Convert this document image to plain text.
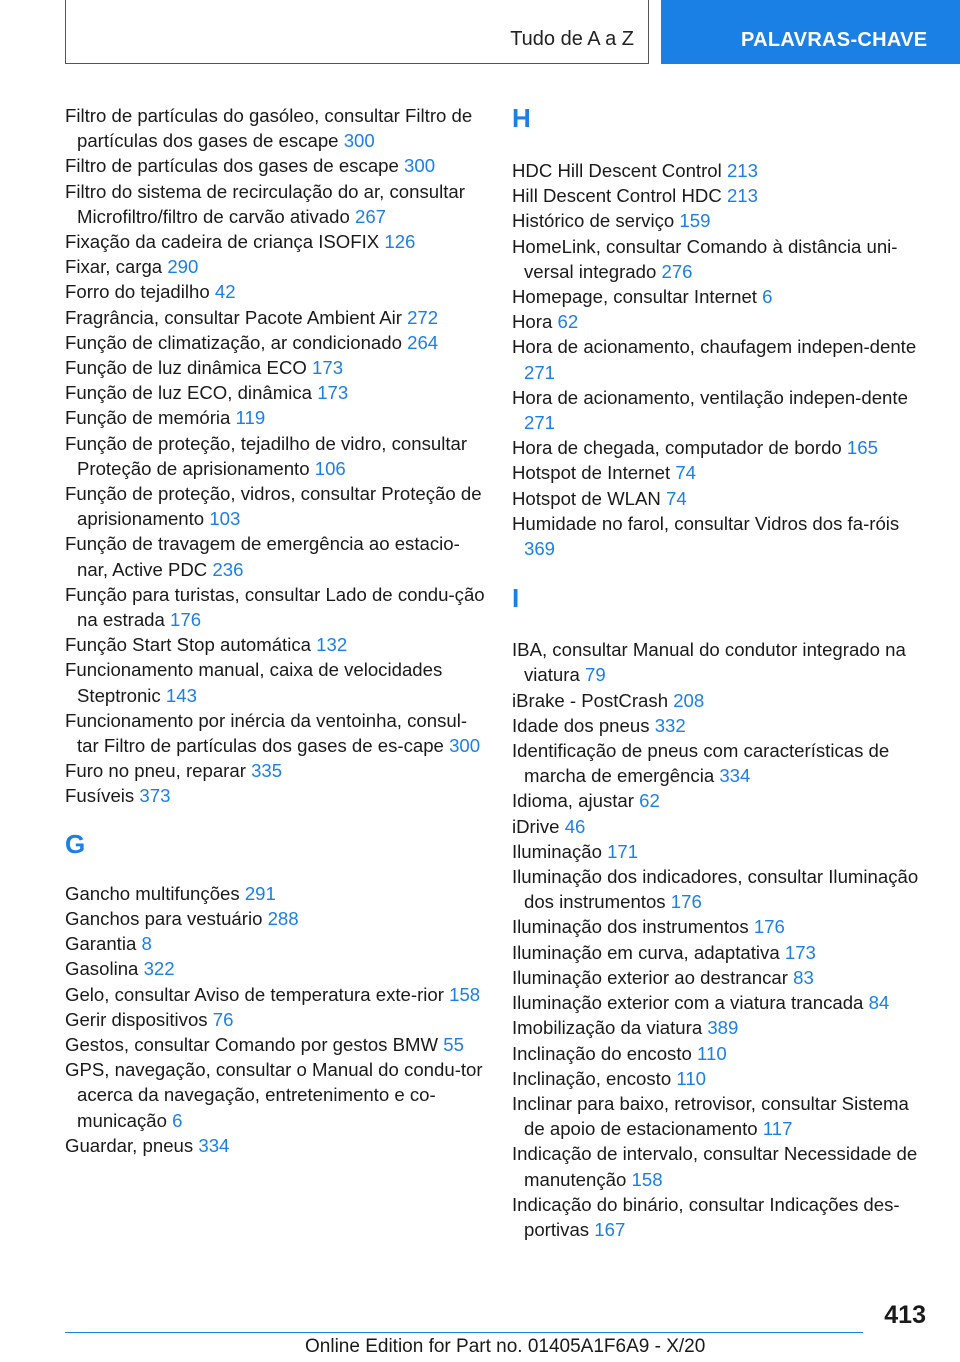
Tudo de A a Z	PALAVRAS-CHAVE
Filtro de partículas do gasóleo, consultar Filtro de partículas dos gases de escape 300
Filtro de partículas dos gases de escape 300
Filtro do sistema de recirculação do ar, consultar Microfiltro/filtro de carvão ativado 267
Fixação da cadeira de criança ISOFIX 126
Fixar, carga 290
Forro do tejadilho 42
Fragrância, consultar Pacote Ambient Air 272
Função de climatização, ar condicionado 264
Função de luz dinâmica ECO 173
Função de luz ECO, dinâmica 173
Função de memória 119
Função de proteção, tejadilho de vidro, consultar Proteção de aprisionamento 106
Função de proteção, vidros, consultar Proteção de aprisionamento 103
Função de travagem de emergência ao estacio-nar, Active PDC 236
Função para turistas, consultar Lado de condu-ção na estrada 176
Função Start Stop automática 132
Funcionamento manual, caixa de velocidades Steptronic 143
Funcionamento por inércia da ventoinha, consul-tar Filtro de partículas dos gases de es-cape 300
Furo no pneu, reparar 335
Fusíveis 373
G
Gancho multifunções 291
Ganchos para vestuário 288
Garantia 8
Gasolina 322
Gelo, consultar Aviso de temperatura exte-rior 158
Gerir dispositivos 76
Gestos, consultar Comando por gestos BMW 55
GPS, navegação, consultar o Manual do condu-tor acerca da navegação, entretenimento e co-municação 6
Guardar, pneus 334
H
HDC Hill Descent Control 213
Hill Descent Control HDC 213
Histórico de serviço 159
HomeLink, consultar Comando à distância uni-versal integrado 276
Homepage, consultar Internet 6
Hora 62
Hora de acionamento, chaufagem indepen-dente 271
Hora de acionamento, ventilação indepen-dente 271
Hora de chegada, computador de bordo 165
Hotspot de Internet 74
Hotspot de WLAN 74
Humidade no farol, consultar Vidros dos fa-róis 369
I
IBA, consultar Manual do condutor integrado na viatura 79
iBrake - PostCrash 208
Idade dos pneus 332
Identificação de pneus com características de marcha de emergência 334
Idioma, ajustar 62
iDrive 46
Iluminação 171
Iluminação dos indicadores, consultar Iluminação dos instrumentos 176
Iluminação dos instrumentos 176
Iluminação em curva, adaptativa 173
Iluminação exterior ao destrancar 83
Iluminação exterior com a viatura trancada 84
Imobilização da viatura 389
Inclinação do encosto 110
Inclinação, encosto 110
Inclinar para baixo, retrovisor, consultar Sistema de apoio de estacionamento 117
Indicação de intervalo, consultar Necessidade de manutenção 158
Indicação do binário, consultar Indicações des-portivas 167
413
Online Edition for Part no. 01405A1F6A9 - X/20
